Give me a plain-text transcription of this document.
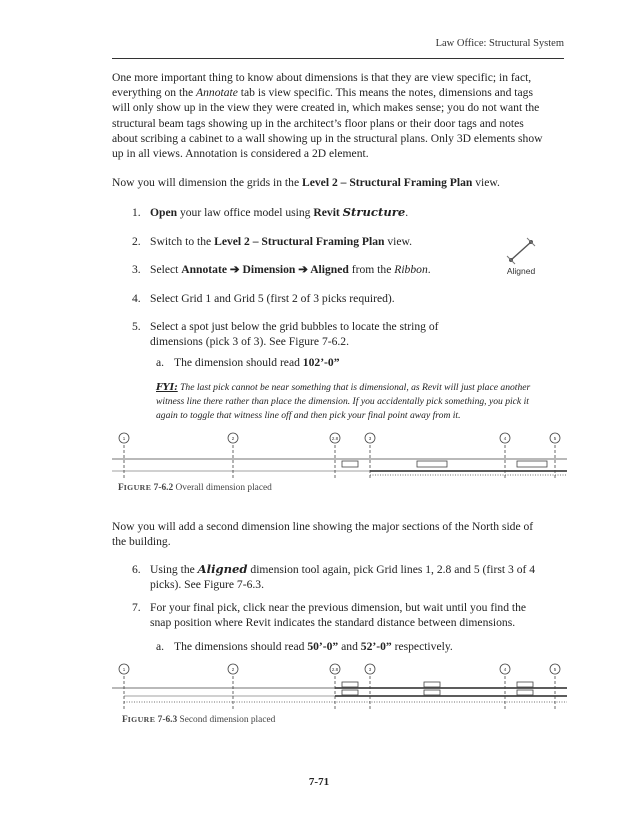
Law Office: Structural System
One more important thing to know about dimensions is that they are view specific; in fact,
everything on the Annotate tab is view specific. This means the notes, dimensions and tags
will only show up in the view they were created in, which makes sense; you do not want the
structural beam tags showing up in the architect’s floor plans or their door tags and notes
about scribing a cabinet to a wall showing up in the structural plans. Only 3D elements show
up in all views. Annotation is considered a 2D element.
Now you will dimension the grids in the Level 2 – Structural Framing Plan view.
1. Open your law office model using Revit Structure.
2. Switch to the Level 2 – Structural Framing Plan view.
3. Select Annotate ➔ Dimension ➔ Aligned from the Ribbon.
4. Select Grid 1 and Grid 5 (first 2 of 3 picks required).
5. Select a spot just below the grid bubbles to locate the string of
dimensions (pick 3 of 3). See Figure 7-6.2.
a. The dimension should read 102’-0”
FYI: The last pick cannot be near something that is dimensional, as Revit will just place another
witness line there rather than place the dimension. If you accidentally pick something, you pick it
again to toggle that witness line off and then pick your final point away from it.
Aligned
1	2	2.8	3	4	5
FIGURE 7-6.2 Overall dimension placed
Now you will add a second dimension line showing the major sections of the North side of
the building.
6. Using the Aligned dimension tool again, pick Grid lines 1, 2.8 and 5 (first 3 of 4
picks). See Figure 7-6.3.
7. For your final pick, click near the previous dimension, but wait until you find the
snap position where Revit indicates the standard distance between dimensions.
a. The dimensions should read 50’-0” and 52’-0” respectively.
1	2	2.8	3	4	5
FIGURE 7-6.3 Second dimension placed
7-71
